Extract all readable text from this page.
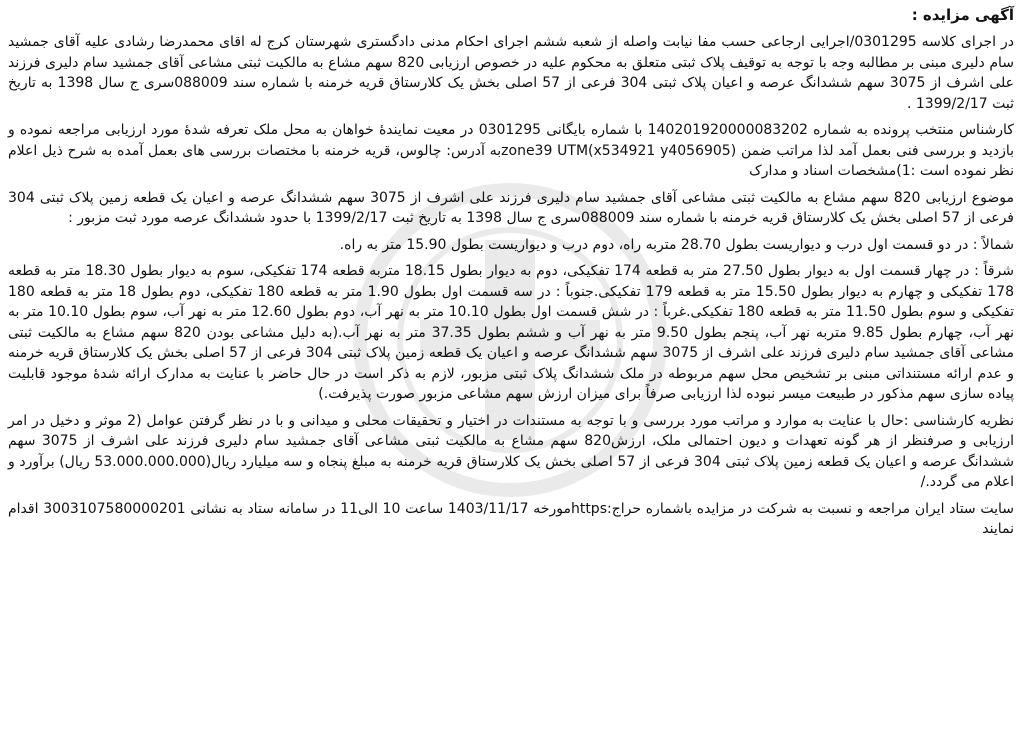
آگهی مزایده :

در اجرای کلاسه 0301295/اجرایی ارجاعی حسب مفا نیابت واصله از شعبه ششم اجرای احکام مدنی دادگستری شهرستان کرج له اقای محمدرضا رشادی علیه آقای جمشید سام دلیری مبنی بر مطالبه وجه با توجه به توقیف پلاک ثبتی متعلق به محکوم علیه در خصوص ارزیابی 820 سهم مشاع به مالکیت ثبتی مشاعی آقای جمشید سام دلیری فرزند علی اشرف از 3075 سهم ششدانگ عرصه و اعیان پلاک ثبتی 304 فرعی از 57 اصلی بخش یک کلارستاق قریه خرمنه با شماره سند 088009سری ج سال 1398 به تاریخ ثبت 1399/2/17 .

کارشناس منتخب پرونده به شماره 140201920000083202 با شماره بایگانی 0301295 در معیت نمایندهٔ خواهان به محل ملک تعرفه شدهٔ مورد ارزیابی مراجعه نموده و بازدید و بررسی فنی بعمل آمد لذا مراتب ضمن zone39 UTM(x534921 y4056905)به آدرس: چالوس، قریه خرمنه با مختصات بررسی های بعمل آمده به شرح ذیل اعلام نظر نموده است :1)مشخصات اسناد و مدارک

موضوع ارزیابی 820 سهم مشاع به مالکیت ثبتی مشاعی آقای جمشید سام دلیری فرزند علی اشرف از 3075 سهم ششدانگ عرصه و اعیان یک قطعه زمین پلاک ثبتی 304 فرعی از 57 اصلی بخش یک کلارستاق قریه خرمنه با شماره سند 088009سری ج سال 1398 به تاریخ ثبت 1399/2/17 با حدود ششدانگ عرصه مورد ثبت مزبور :

شمالاً : در دو قسمت اول درب و دیواریست بطول 28.70 متربه راه، دوم درب و دیواریست بطول 15.90 متر به راه.

شرقاً : در چهار قسمت اول به دیوار بطول 27.50 متر به قطعه 174 تفکیکی، دوم به دیوار بطول 18.15 متربه قطعه 174 تفکیکی، سوم به دیوار بطول 18.30 متر به قطعه 178 تفکیکی و چهارم به دیوار بطول 15.50 متر به قطعه 179 تفکیکی.جنوباً : در سه قسمت اول بطول 1.90 متر به قطعه 180 تفکیکی، دوم بطول 18 متر به قطعه 180 تفکیکی و سوم بطول 11.50 متر به قطعه 180 تفکیکی.غرباً : در شش قسمت اول بطول 10.10 متر به نهر آب، دوم بطول 12.60 متر به نهر آب، سوم بطول 10.10 متر به نهر آب، چهارم بطول 9.85 متربه نهر آب، پنجم بطول 9.50 متر به نهر آب و ششم بطول 37.35 متر به نهر آب.(به دلیل مشاعی بودن 820 سهم مشاع به مالکیت ثبتی مشاعی آقای جمشید سام دلیری فرزند علی اشرف از 3075 سهم ششدانگ عرصه و اعیان یک قطعه زمین پلاک ثبتی 304 فرعی از 57 اصلی بخش یک کلارستاق قریه خرمنه و عدم ارائه مستنداتی مبنی بر تشخیص محل سهم مربوطه در ملک ششدانگ پلاک ثبتی مزبور، لازم به ذکر است در حال حاضر با عنایت به مدارک ارائه شدهٔ موجود قابلیت پیاده سازی سهم مذکور در طبیعت میسر نبوده لذا ارزیابی صرفاً برای میزان ارزش سهم مشاعی مزبور صورت پذیرفت.)

نظریه کارشناسی :حال با عنایت به موارد و مراتب مورد بررسی و با توجه به مستندات در اختیار و تحقیقات محلی و میدانی و با در نظر گرفتن عوامل (2 موثر و دخیل در امر ارزیابی و صرفنظر از هر گونه تعهدات و دیون احتمالی ملک، ارزش820 سهم مشاع به مالکیت ثبتی مشاعی آقای جمشید سام دلیری فرزند علی اشرف از 3075 سهم ششدانگ عرصه و اعیان یک قطعه زمین پلاک ثبتی 304 فرعی از 57 اصلی بخش یک کلارستاق قریه خرمنه به مبلغ پنجاه و سه میلیارد ریال(53.000.000.000 ریال) برآورد و اعلام می گردد./

سایت ستاد ایران مراجعه و نسبت به شرکت در مزایده باشماره حراج:httpsمورخه 1403/11/17 ساعت 10 الی11 در سامانه ستاد به نشانی 3003107580000201 اقدام نمایند
